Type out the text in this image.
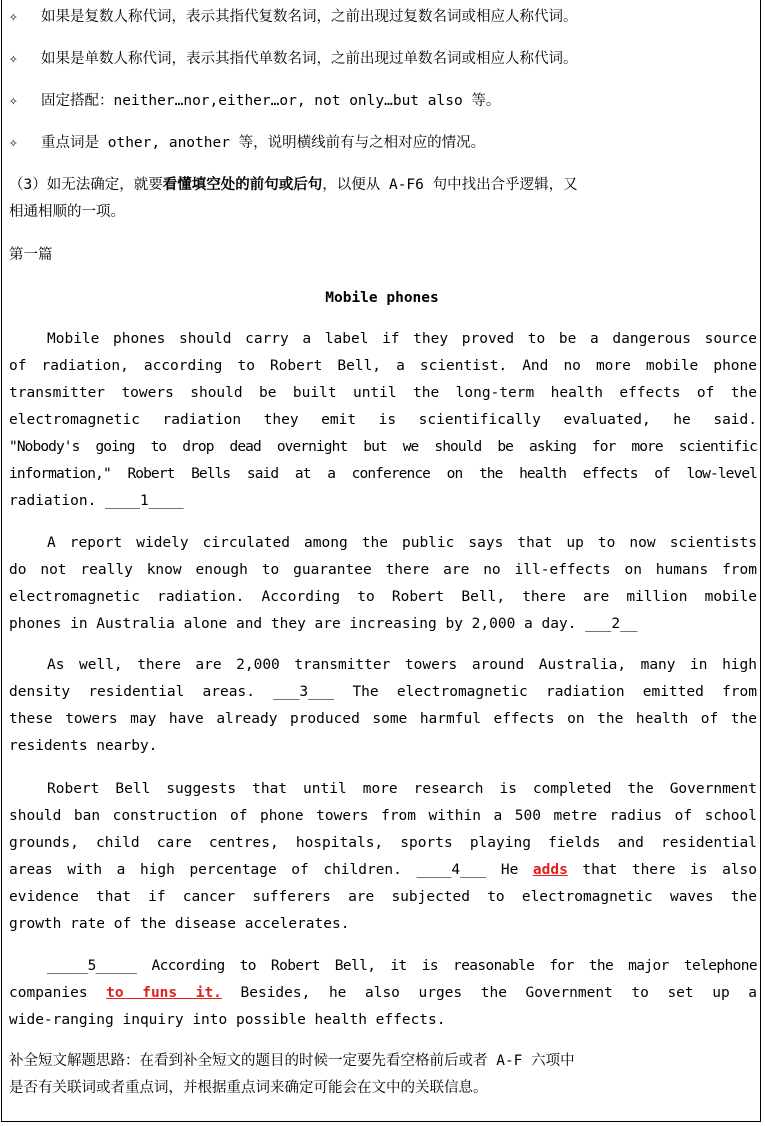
✧ 如果是复数人称代词，表示其指代复数名词，之前出现过复数名词或相应人称代词。
✧ 如果是单数人称代词，表示其指代单数名词，之前出现过单数名词或相应人称代词。
✧ 固定搭配：neither…nor,either…or, not only…but also 等。
✧ 重点词是 other, another 等，说明横线前有与之相对应的情况。
（3）如无法确定，就要看懂填空处的前句或后句，以便从 A-F6 句中找出合乎逻辑，又
相通相顺的一项。
第一篇
Mobile phones
Mobile phones should carry a label if they proved to be a dangerous source
of radiation, according to Robert Bell, a scientist. And no more mobile phone
transmitter towers should be built until the long-term health effects of the
electromagnetic radiation they emit is scientifically evaluated, he said.
"Nobody's going to drop dead overnight but we should be asking for more scientific
information," Robert Bells said at a conference on the health effects of low-level
radiation. ____1____
A report widely circulated among the public says that up to now scientists
do not really know enough to guarantee there are no ill-effects on humans from
electromagnetic radiation. According to Robert Bell, there are million mobile
phones in Australia alone and they are increasing by 2,000 a day. ___2__
As well, there are 2,000 transmitter towers around Australia, many in high
density residential areas. ___3___ The electromagnetic radiation emitted from
these towers may have already produced some harmful effects on the health of the
residents nearby.
Robert Bell suggests that until more research is completed the Government
should ban construction of phone towers from within a 500 metre radius of school
grounds, child care centres, hospitals, sports playing fields and residential
areas with a high percentage of children. ____4___ He adds that there is also
evidence that if cancer sufferers are subjected to electromagnetic waves the
growth rate of the disease accelerates.
_____5_____ According to Robert Bell, it is reasonable for the major telephone
companies to funs it. Besides, he also urges the Government to set up a
wide-ranging inquiry into possible health effects.
补全短文解题思路：在看到补全短文的题目的时候一定要先看空格前后或者 A-F 六项中
是否有关联词或者重点词，并根据重点词来确定可能会在文中的关联信息。
